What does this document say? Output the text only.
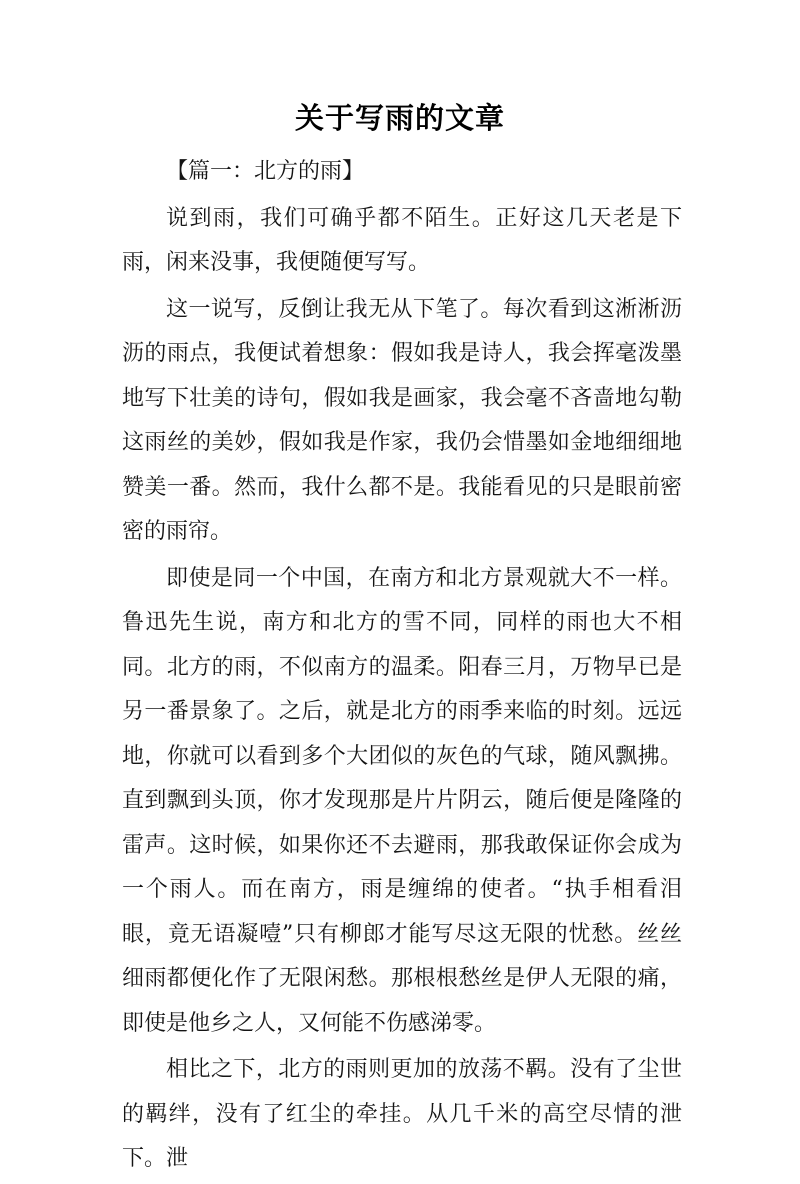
关于写雨的文章

【篇一：北方的雨】

说到雨，我们可确乎都不陌生。正好这几天老是下雨，闲来没事，我便随便写写。

这一说写，反倒让我无从下笔了。每次看到这淅淅沥沥的雨点，我便试着想象：假如我是诗人，我会挥毫泼墨地写下壮美的诗句，假如我是画家，我会毫不吝啬地勾勒这雨丝的美妙，假如我是作家，我仍会惜墨如金地细细地赞美一番。然而，我什么都不是。我能看见的只是眼前密密的雨帘。

即使是同一个中国，在南方和北方景观就大不一样。鲁迅先生说，南方和北方的雪不同，同样的雨也大不相同。北方的雨，不似南方的温柔。阳春三月，万物早已是另一番景象了。之后，就是北方的雨季来临的时刻。远远地，你就可以看到多个大团似的灰色的气球，随风飘拂。直到飘到头顶，你才发现那是片片阴云，随后便是隆隆的雷声。这时候，如果你还不去避雨，那我敢保证你会成为一个雨人。而在南方，雨是缠绵的使者。“执手相看泪眼，竟无语凝噎”只有柳郎才能写尽这无限的忧愁。丝丝细雨都便化作了无限闲愁。那根根愁丝是伊人无限的痛，即使是他乡之人，又何能不伤感涕零。

相比之下，北方的雨则更加的放荡不羁。没有了尘世的羁绊，没有了红尘的牵挂。从几千米的高空尽情的泄下。泄
